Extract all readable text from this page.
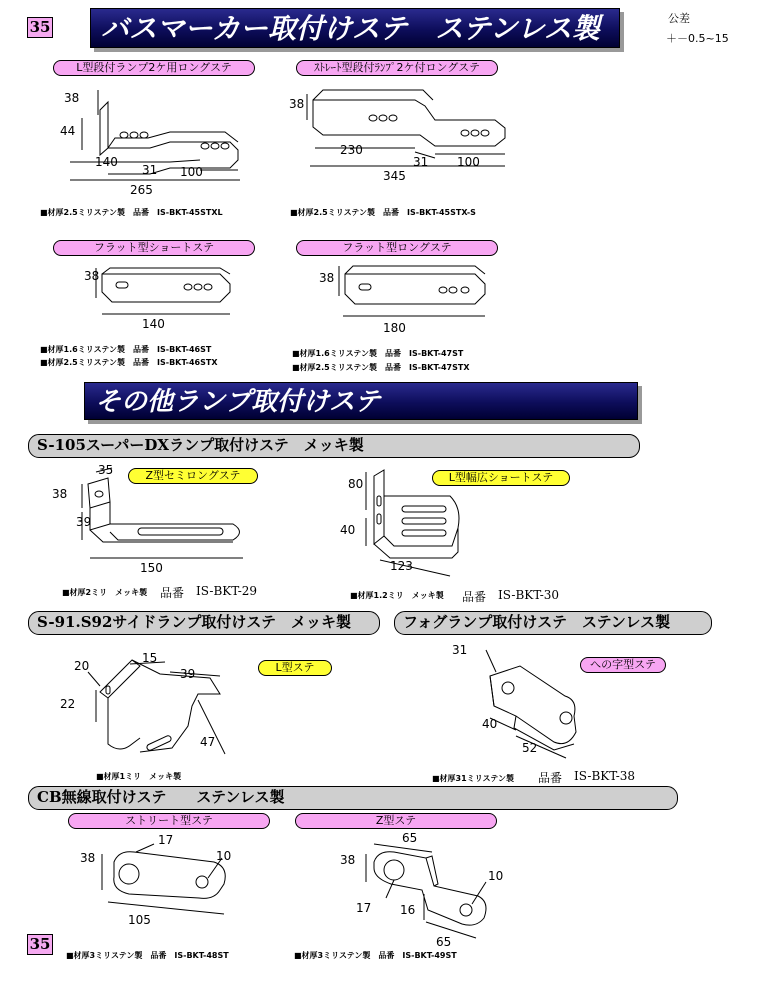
35	バスマーカー取付けステ　ステンレス製	公差
＋－0.5~15
L型段付ランプ2ケ用ロングステ
38
44
140
31 100
265
■材厚2.5ミリステン製　品番　IS-BKT-45STXL
ｽﾄﾚｰﾄ型段付ﾗﾝﾌﾟ2ケ付ロングステ
38
230
31 100
345
■材厚2.5ミリステン製　品番　IS-BKT-45STX-S
フラット型ショートステ
38
140
■材厚1.6ミリステン製　品番　IS-BKT-46ST
■材厚2.5ミリステン製　品番　IS-BKT-46STX
フラット型ロングステ
38
180
■材厚1.6ミリステン製　品番　IS-BKT-47ST
■材厚2.5ミリステン製　品番　IS-BKT-47STX
その他ランプ取付けステ
S-105スーパーDXランプ取付けステ　メッキ製
Z型セミロングステ
35
38
39
150
■材厚2ミリ　メッキ製 品番 IS-BKT-29
L型幅広ショートステ
80
40
123
■材厚1.2ミリ　メッキ製 品番 IS-BKT-30
S-91.S92サイドランプ取付けステ　メッキ製
L型ステ
20
15
39
22
47
■材厚1ミリ　メッキ製
フォグランプ取付けステ　ステンレス製
への字型ステ
31
40
52
■材厚31ミリステン製 品番 IS-BKT-38
CB無線取付けステ　　ステンレス製
ストリート型ステ
38
17
10
105
■材厚3ミリステン製　品番　IS-BKT-48ST
Z型ステ
65
38
10
17 16
65
■材厚3ミリステン製　品番　IS-BKT-49ST
35
